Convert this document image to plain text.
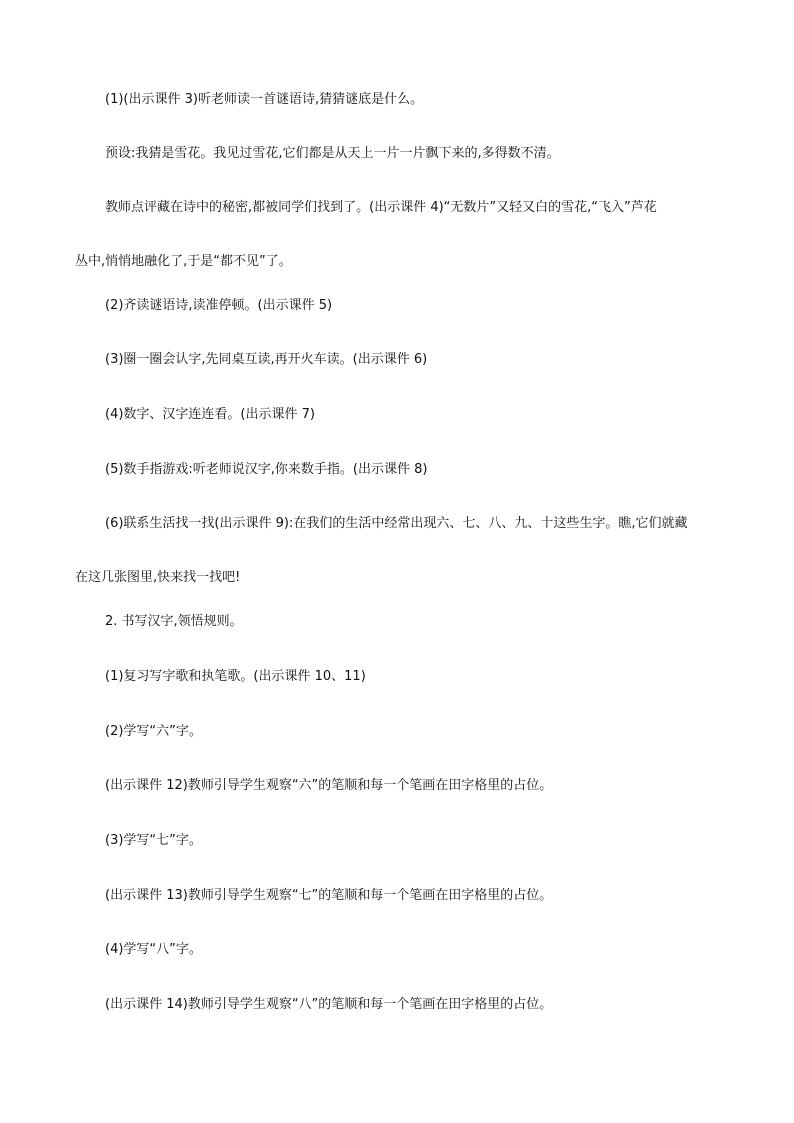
(1)(出示课件 3)听老师读一首谜语诗,猜猜谜底是什么。
预设:我猜是雪花。我见过雪花,它们都是从天上一片一片飘下来的,多得数不清。
教师点评藏在诗中的秘密,都被同学们找到了。(出示课件 4)“无数片”又轻又白的雪花,“飞入”芦花
丛中,悄悄地融化了,于是“都不见”了。
(2)齐读谜语诗,读准停顿。(出示课件 5)
(3)圈一圈会认字,先同桌互读,再开火车读。(出示课件 6)
(4)数字、汉字连连看。(出示课件 7)
(5)数手指游戏:听老师说汉字,你来数手指。(出示课件 8)
(6)联系生活找一找(出示课件 9):在我们的生活中经常出现六、七、八、九、十这些生字。瞧,它们就藏
在这几张图里,快来找一找吧!
2. 书写汉字,领悟规则。
(1)复习写字歌和执笔歌。(出示课件 10、11)
(2)学写“六”字。
(出示课件 12)教师引导学生观察“六”的笔顺和每一个笔画在田字格里的占位。
(3)学写“七”字。
(出示课件 13)教师引导学生观察“七”的笔顺和每一个笔画在田字格里的占位。
(4)学写“八”字。
(出示课件 14)教师引导学生观察“八”的笔顺和每一个笔画在田字格里的占位。
